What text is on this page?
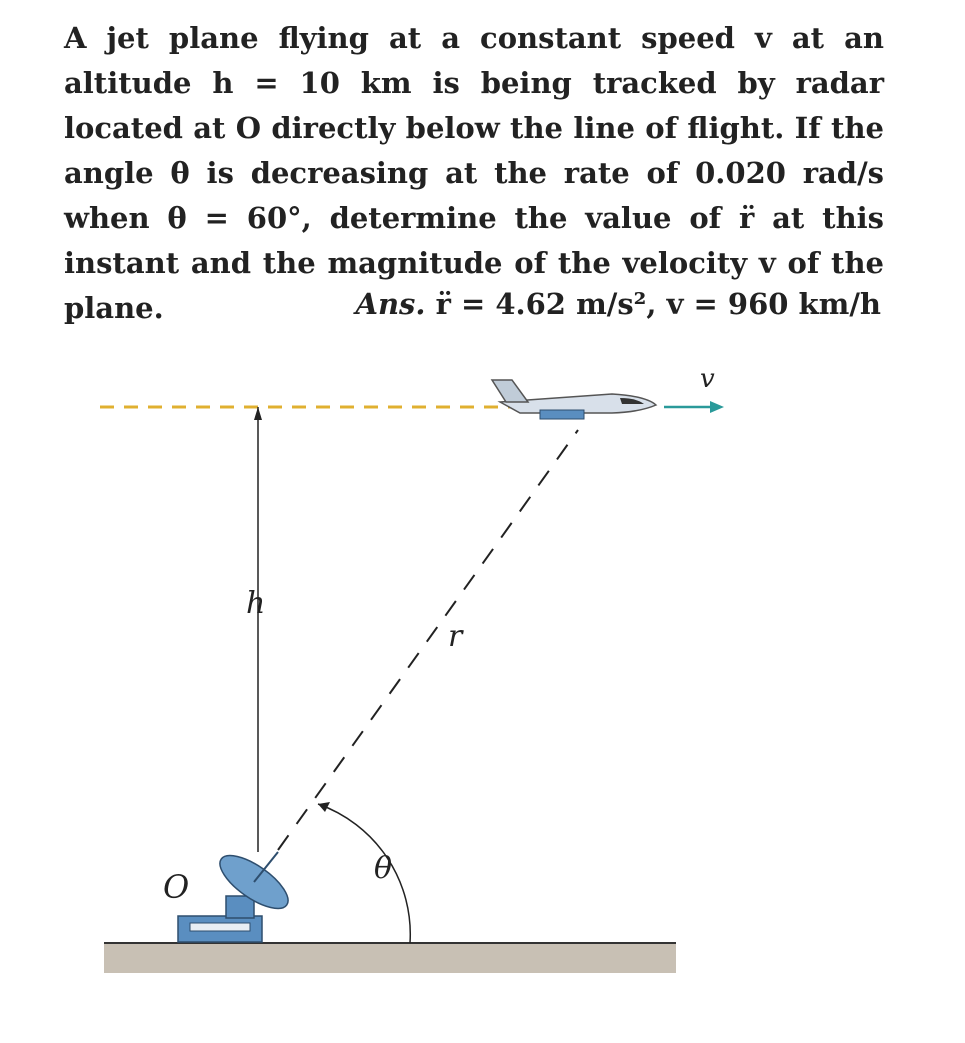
A jet plane flying at a constant speed v at an altitude h = 10 km is being tracked by radar located at O directly below the line of flight. If the angle θ is decreasing at the rate of 0.020 rad/s when θ = 60°, determine the value of r̈ at this instant and the magnitude of the velocity v of the plane.	Ans. r̈ = 4.62 m/s², v = 960 km/h
v
h
r
θ
O
